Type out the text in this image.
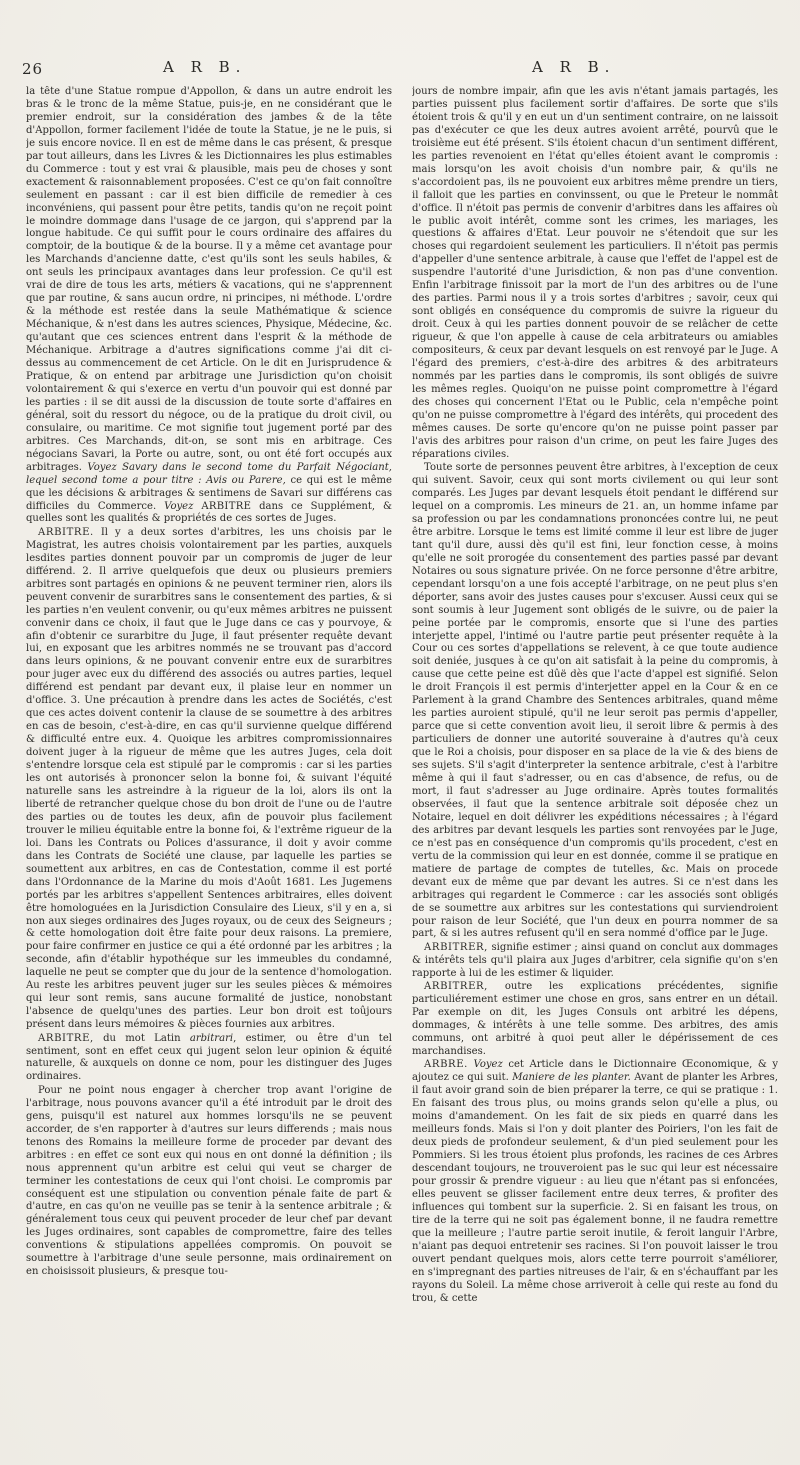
26	A R B.	A R B.

la tête d'une Statue rompue d'Appollon, & dans un autre endroit les bras & le tronc de la même Statue, puis-je, en ne considérant que le premier endroit, sur la considération des jambes & de la tête d'Appollon, former facilement l'idée de toute la Statue, je ne le puis, si je suis encore novice. Il en est de même dans le cas présent, & presque par tout ailleurs, dans les Livres & les Dictionnaires les plus estimables du Commerce : tout y est vrai & plausible, mais peu de choses y sont exactement & raisonnablement proposées. C'est ce qu'on fait connoître seulement en passant : car il est bien difficile de remedier à ces inconvéniens, qui passent pour être petits, tandis qu'on ne reçoit point le moindre dommage dans l'usage de ce jargon, qui s'apprend par la longue habitude. Ce qui suffit pour le cours ordinaire des affaires du comptoir, de la boutique & de la bourse. Il y a même cet avantage pour les Marchands d'ancienne datte, c'est qu'ils sont les seuls habiles, & ont seuls les principaux avantages dans leur profession. Ce qu'il est vrai de dire de tous les arts, métiers & vacations, qui ne s'apprennent que par routine, & sans aucun ordre, ni principes, ni méthode. L'ordre & la méthode est restée dans la seule Mathématique & science Méchanique, & n'est dans les autres sciences, Physique, Médecine, &c. qu'autant que ces sciences entrent dans l'esprit & la méthode de Méchanique. Arbitrage a d'autres significations comme j'ai dit ci-dessus au commencement de cet Article. On le dit en Jurisprudence & Pratique, & on entend par arbitrage une Jurisdiction qu'on choisit volontairement & qui s'exerce en vertu d'un pouvoir qui est donné par les parties : il se dit aussi de la discussion de toute sorte d'affaires en général, soit du ressort du négoce, ou de la pratique du droit civil, ou consulaire, ou maritime. Ce mot signifie tout jugement porté par des arbitres. Ces Marchands, dit-on, se sont mis en arbitrage. Ces négocians Savari, la Porte ou autre, sont, ou ont été fort occupés aux arbitrages. Voyez Savary dans le second tome du Parfait Négociant, lequel second tome a pour titre : Avis ou Parere, ce qui est le même que les décisions & arbitrages & sentimens de Savari sur différens cas difficiles du Commerce. Voyez ARBITRE dans ce Supplément, & quelles sont les qualités & propriétés de ces sortes de Juges.

ARBITRE. Il y a deux sortes d'arbitres, les uns choisis par le Magistrat, les autres choisis volontairement par les parties, auxquels lesdites parties donnent pouvoir par un compromis de juger de leur différend. 2. Il arrive quelquefois que deux ou plusieurs premiers arbitres sont partagés en opinions & ne peuvent terminer rien, alors ils peuvent convenir de surarbitres sans le consentement des parties, & si les parties n'en veulent convenir, ou qu'eux mêmes arbitres ne puissent convenir dans ce choix, il faut que le Juge dans ce cas y pourvoye, & afin d'obtenir ce surarbitre du Juge, il faut présenter requête devant lui, en exposant que les arbitres nommés ne se trouvant pas d'accord dans leurs opinions, & ne pouvant convenir entre eux de surarbitres pour juger avec eux du différend des associés ou autres parties, lequel différend est pendant par devant eux, il plaise leur en nommer un d'office. 3. Une précaution à prendre dans les actes de Sociétés, c'est que ces actes doivent contenir la clause de se soumettre à des arbitres en cas de besoin, c'est-à-dire, en cas qu'il survienne quelque différend & difficulté entre eux. 4. Quoique les arbitres compromissionnaires doivent juger à la rigueur de même que les autres Juges, cela doit s'entendre lorsque cela est stipulé par le compromis : car si les parties les ont autorisés à prononcer selon la bonne foi, & suivant l'équité naturelle sans les astreindre à la rigueur de la loi, alors ils ont la liberté de retrancher quelque chose du bon droit de l'une ou de l'autre des parties ou de toutes les deux, afin de pouvoir plus facilement trouver le milieu équitable entre la bonne foi, & l'extrême rigueur de la loi. Dans les Contrats ou Polices d'assurance, il doit y avoir comme dans les Contrats de Société une clause, par laquelle les parties se soumettent aux arbitres, en cas de Contestation, comme il est porté dans l'Ordonnance de la Marine du mois d'Août 1681. Les Jugemens portés par les arbitres s'appellent Sentences arbitraires, elles doivent être homologuées en la Jurisdiction Consulaire des Lieux, s'il y en a, si non aux sieges ordinaires des Juges royaux, ou de ceux des Seigneurs ; & cette homologation doit être faite pour deux raisons. La premiere, pour faire confirmer en justice ce qui a été ordonné par les arbitres ; la seconde, afin d'établir hypothéque sur les immeubles du condamné, laquelle ne peut se compter que du jour de la sentence d'homologation. Au reste les arbitres peuvent juger sur les seules pièces & mémoires qui leur sont remis, sans aucune formalité de justice, nonobstant l'absence de quelqu'unes des parties. Leur bon droit est toûjours présent dans leurs mémoires & pièces fournies aux arbitres.

ARBITRE, du mot Latin arbitrari, estimer, ou être d'un tel sentiment, sont en effet ceux qui jugent selon leur opinion & équité naturelle, & auxquels on donne ce nom, pour les distinguer des Juges ordinaires.

Pour ne point nous engager à chercher trop avant l'origine de l'arbitrage, nous pouvons avancer qu'il a été introduit par le droit des gens, puisqu'il est naturel aux hommes lorsqu'ils ne se peuvent accorder, de s'en rapporter à d'autres sur leurs differends ; mais nous tenons des Romains la meilleure forme de proceder par devant des arbitres : en effet ce sont eux qui nous en ont donné la définition ; ils nous apprennent qu'un arbitre est celui qui veut se charger de terminer les contestations de ceux qui l'ont choisi. Le compromis par conséquent est une stipulation ou convention pénale faite de part & d'autre, en cas qu'on ne veuille pas se tenir à la sentence arbitrale ; & généralement tous ceux qui peuvent proceder de leur chef par devant les Juges ordinaires, sont capables de compromettre, faire des telles conventions & stipulations appellées compromis. On pouvoit se soumettre à l'arbitrage d'une seule personne, mais ordinairement on en choisissoit plusieurs, & presque tou-

jours de nombre impair, afin que les avis n'étant jamais partagés, les parties puissent plus facilement sortir d'affaires. De sorte que s'ils étoient trois & qu'il y en eut un d'un sentiment contraire, on ne laissoit pas d'exécuter ce que les deux autres avoient arrêté, pourvû que le troisième eut été présent. S'ils étoient chacun d'un sentiment différent, les parties revenoient en l'état qu'elles étoient avant le compromis : mais lorsqu'on les avoit choisis d'un nombre pair, & qu'ils ne s'accordoient pas, ils ne pouvoient eux arbitres même prendre un tiers, il falloit que les parties en convinssent, ou que le Preteur le nommât d'office. Il n'étoit pas permis de convenir d'arbitres dans les affaires où le public avoit intérêt, comme sont les crimes, les mariages, les questions & affaires d'Etat. Leur pouvoir ne s'étendoit que sur les choses qui regardoient seulement les particuliers. Il n'étoit pas permis d'appeller d'une sentence arbitrale, à cause que l'effet de l'appel est de suspendre l'autorité d'une Jurisdiction, & non pas d'une convention. Enfin l'arbitrage finissoit par la mort de l'un des arbitres ou de l'une des parties. Parmi nous il y a trois sortes d'arbitres ; savoir, ceux qui sont obligés en conséquence du compromis de suivre la rigueur du droit. Ceux à qui les parties donnent pouvoir de se relâcher de cette rigueur, & que l'on appelle à cause de cela arbitrateurs ou amiables compositeurs, & ceux par devant lesquels on est renvoyé par le Juge. A l'égard des premiers, c'est-à-dire des arbitres & des arbitrateurs nommés par les parties dans le compromis, ils sont obligés de suivre les mêmes regles. Quoiqu'on ne puisse point compromettre à l'égard des choses qui concernent l'Etat ou le Public, cela n'empêche point qu'on ne puisse compromettre à l'égard des intérêts, qui procedent des mêmes causes. De sorte qu'encore qu'on ne puisse point passer par l'avis des arbitres pour raison d'un crime, on peut les faire Juges des réparations civiles.

Toute sorte de personnes peuvent être arbitres, à l'exception de ceux qui suivent. Savoir, ceux qui sont morts civilement ou qui leur sont comparés. Les Juges par devant lesquels étoit pendant le différend sur lequel on a compromis. Les mineurs de 21. an, un homme infame par sa profession ou par les condamnations prononcées contre lui, ne peut être arbitre. Lorsque le tems est limité comme il leur est libre de juger tant qu'il dure, aussi dès qu'il est fini, leur fonction cesse, à moins qu'elle ne soit prorogée du consentement des parties passé par devant Notaires ou sous signature privée. On ne force personne d'être arbitre, cependant lorsqu'on a une fois accepté l'arbitrage, on ne peut plus s'en déporter, sans avoir des justes causes pour s'excuser. Aussi ceux qui se sont soumis à leur Jugement sont obligés de le suivre, ou de paier la peine portée par le compromis, ensorte que si l'une des parties interjette appel, l'intimé ou l'autre partie peut présenter requête à la Cour ou ces sortes d'appellations se relevent, à ce que toute audience soit deniée, jusques à ce qu'on ait satisfait à la peine du compromis, à cause que cette peine est dûë dès que l'acte d'appel est signifié. Selon le droit François il est permis d'interjetter appel en la Cour & en ce Parlement à la grand Chambre des Sentences arbitrales, quand même les parties auroient stipulé, qu'il ne leur seroit pas permis d'appeller, parce que si cette convention avoit lieu, il seroit libre & permis à des particuliers de donner une autorité souveraine à d'autres qu'à ceux que le Roi a choisis, pour disposer en sa place de la vie & des biens de ses sujets. S'il s'agit d'interpreter la sentence arbitrale, c'est à l'arbitre même à qui il faut s'adresser, ou en cas d'absence, de refus, ou de mort, il faut s'adresser au Juge ordinaire. Après toutes formalités observées, il faut que la sentence arbitrale soit déposée chez un Notaire, lequel en doit délivrer les expéditions nécessaires ; à l'égard des arbitres par devant lesquels les parties sont renvoyées par le Juge, ce n'est pas en conséquence d'un compromis qu'ils procedent, c'est en vertu de la commission qui leur en est donnée, comme il se pratique en matiere de partage de comptes de tutelles, &c. Mais on procede devant eux de même que par devant les autres. Si ce n'est dans les arbitrages qui regardent le Commerce : car les associés sont obligés de se soumettre aux arbitres sur les contestations qui surviendroient pour raison de leur Société, que l'un deux en pourra nommer de sa part, & si les autres refusent qu'il en sera nommé d'office par le Juge.

ARBITRER, signifie estimer ; ainsi quand on conclut aux dommages & intérêts tels qu'il plaira aux Juges d'arbitrer, cela signifie qu'on s'en rapporte à lui de les estimer & liquider.

ARBITRER, outre les explications précédentes, signifie particuliérement estimer une chose en gros, sans entrer en un détail. Par exemple on dit, les Juges Consuls ont arbitré les dépens, dommages, & intérêts à une telle somme. Des arbitres, des amis communs, ont arbitré à quoi peut aller le dépérissement de ces marchandises.

ARBRE. Voyez cet Article dans le Dictionnaire Œconomique, & y ajoutez ce qui suit. Maniere de les planter. Avant de planter les Arbres, il faut avoir grand soin de bien préparer la terre, ce qui se pratique : 1. En faisant des trous plus, ou moins grands selon qu'elle a plus, ou moins d'amandement. On les fait de six pieds en quarré dans les meilleurs fonds. Mais si l'on y doit planter des Poiriers, l'on les fait de deux pieds de profondeur seulement, & d'un pied seulement pour les Pommiers. Si les trous étoient plus profonds, les racines de ces Arbres descendant toujours, ne trouveroient pas le suc qui leur est nécessaire pour grossir & prendre vigueur : au lieu que n'étant pas si enfoncées, elles peuvent se glisser facilement entre deux terres, & profiter des influences qui tombent sur la superficie. 2. Si en faisant les trous, on tire de la terre qui ne soit pas également bonne, il ne faudra remettre que la meilleure ; l'autre partie seroit inutile, & feroit languir l'Arbre, n'aiant pas dequoi entretenir ses racines. Si l'on pouvoit laisser le trou ouvert pendant quelques mois, alors cette terre pourroit s'améliorer, en s'impregnant des parties nitreuses de l'air, & en s'échauffant par les rayons du Soleil. La même chose arriveroit à celle qui reste au fond du trou, & cette
